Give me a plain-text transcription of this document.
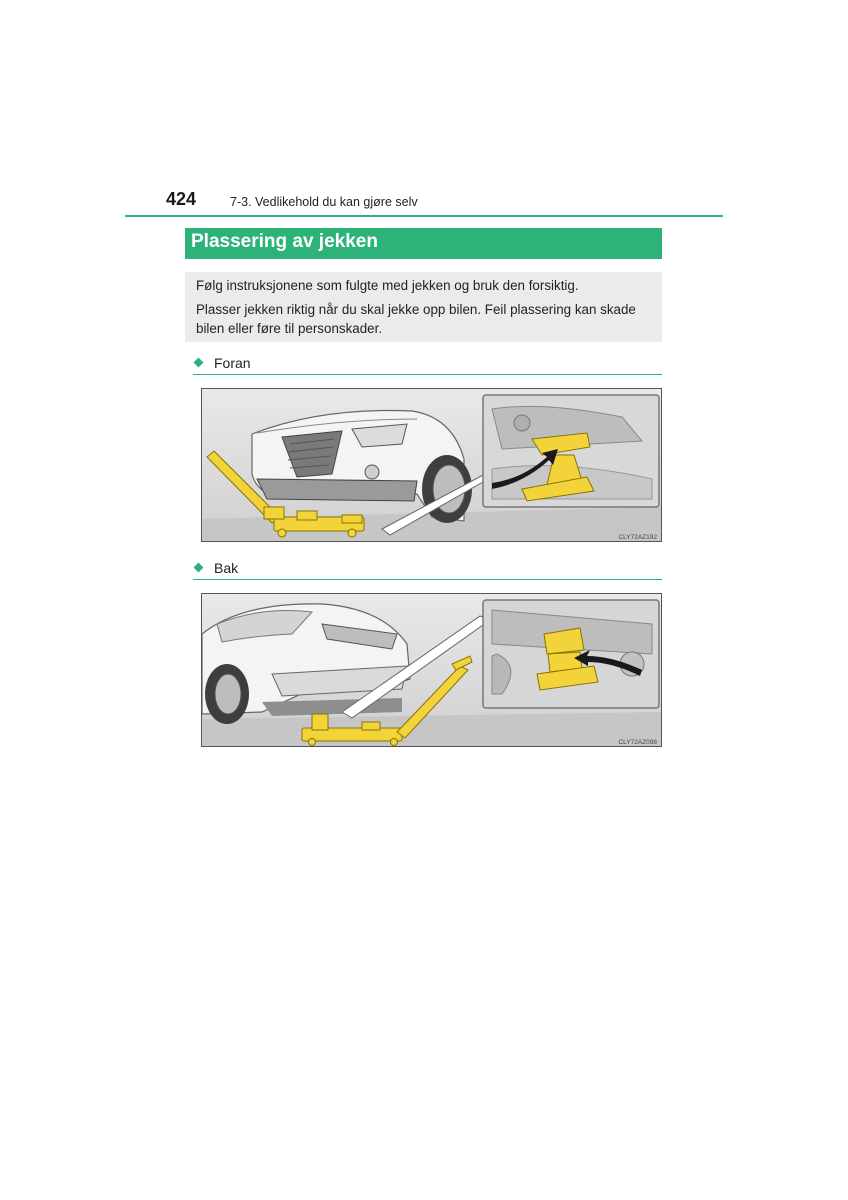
424	7-3. Vedlikehold du kan gjøre selv
Plassering av jekken

Følg instruksjonene som fulgte med jekken og bruk den forsiktig.

Plasser jekken riktig når du skal jekke opp bilen. Feil plassering kan skade bilen eller føre til personskader.

Foran
CLY72AZ192
Bak
CLY72AZ098
